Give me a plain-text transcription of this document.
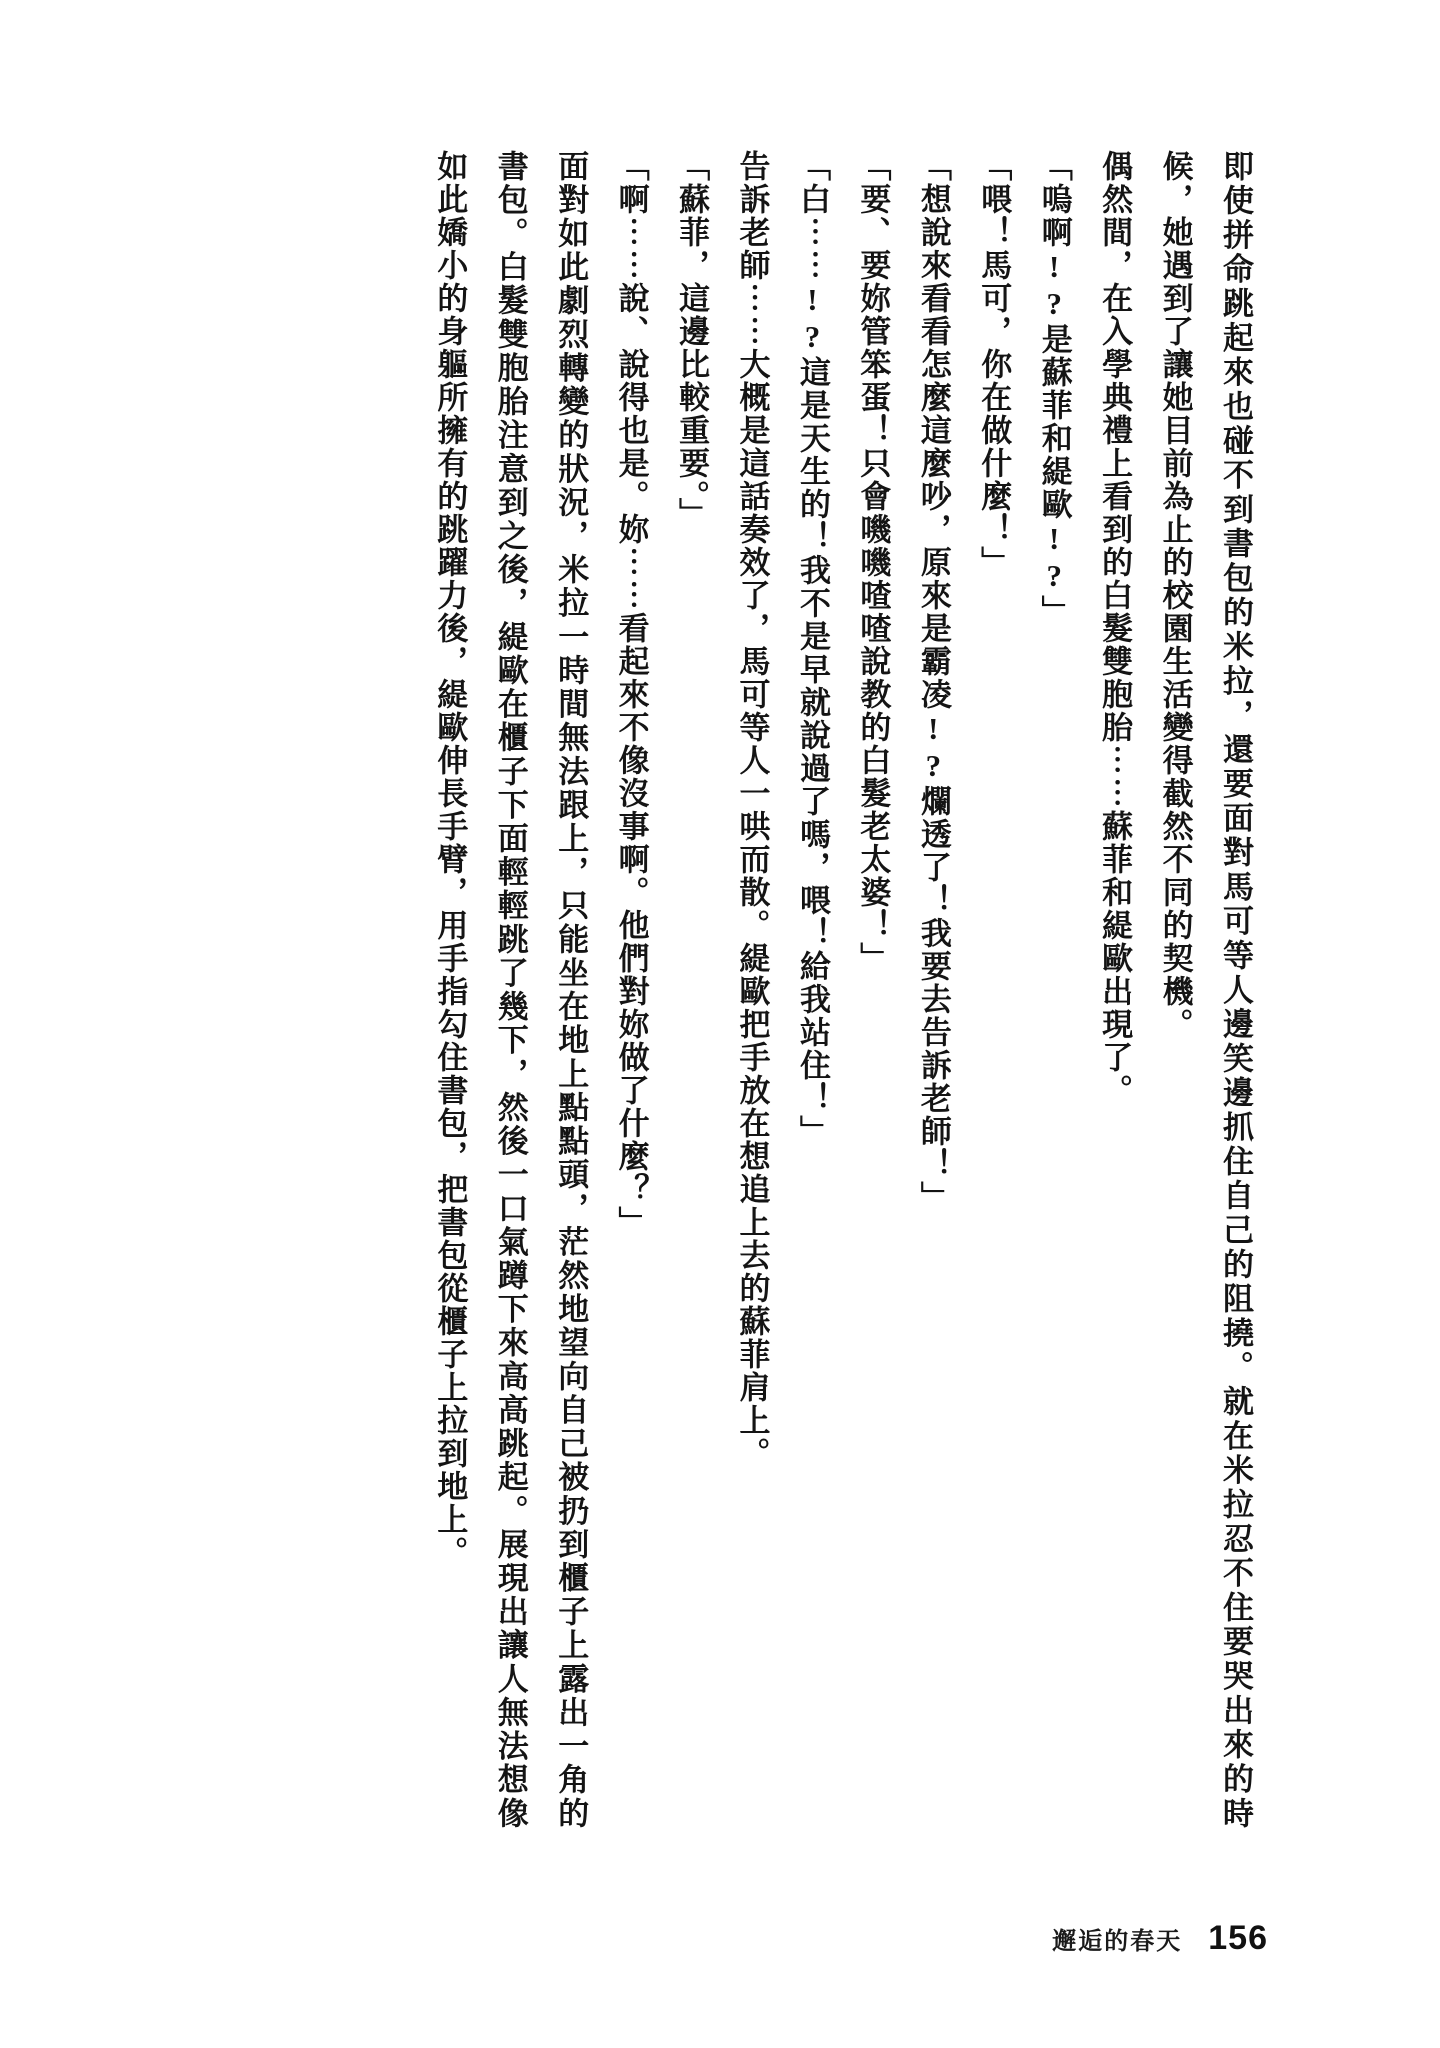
即使拼命跳起來也碰不到書包的米拉，還要面對馬可等人邊笑邊抓住自己的阻撓。就在米拉忍不住要哭出來的時候，她遇到了讓她目前為止的校園生活變得截然不同的契機。

偶然間，在入學典禮上看到的白髮雙胞胎⋯⋯蘇菲和緹歐出現了。

「嗚啊!?是蘇菲和緹歐!?」

「喂！馬可，你在做什麼！」

「想說來看看怎麼這麼吵，原來是霸凌!?爛透了！我要去告訴老師！」

「要、要妳管笨蛋！只會嘰嘰喳喳說教的白髮老太婆！」

「白⋯⋯!?這是天生的！我不是早就說過了嗎，喂！給我站住！」

告訴老師⋯⋯大概是這話奏效了，馬可等人一哄而散。緹歐把手放在想追上去的蘇菲肩上。

「蘇菲，這邊比較重要。」

「啊⋯⋯說、說得也是。妳⋯⋯看起來不像沒事啊。他們對妳做了什麼？」

面對如此劇烈轉變的狀況，米拉一時間無法跟上，只能坐在地上點點頭，茫然地望向自己被扔到櫃子上露出一角的書包。白髮雙胞胎注意到之後，緹歐在櫃子下面輕輕跳了幾下，然後一口氣蹲下來高高跳起。展現出讓人無法想像如此嬌小的身軀所擁有的跳躍力後，緹歐伸長手臂，用手指勾住書包，把書包從櫃子上拉到地上。

邂逅的春天 156
